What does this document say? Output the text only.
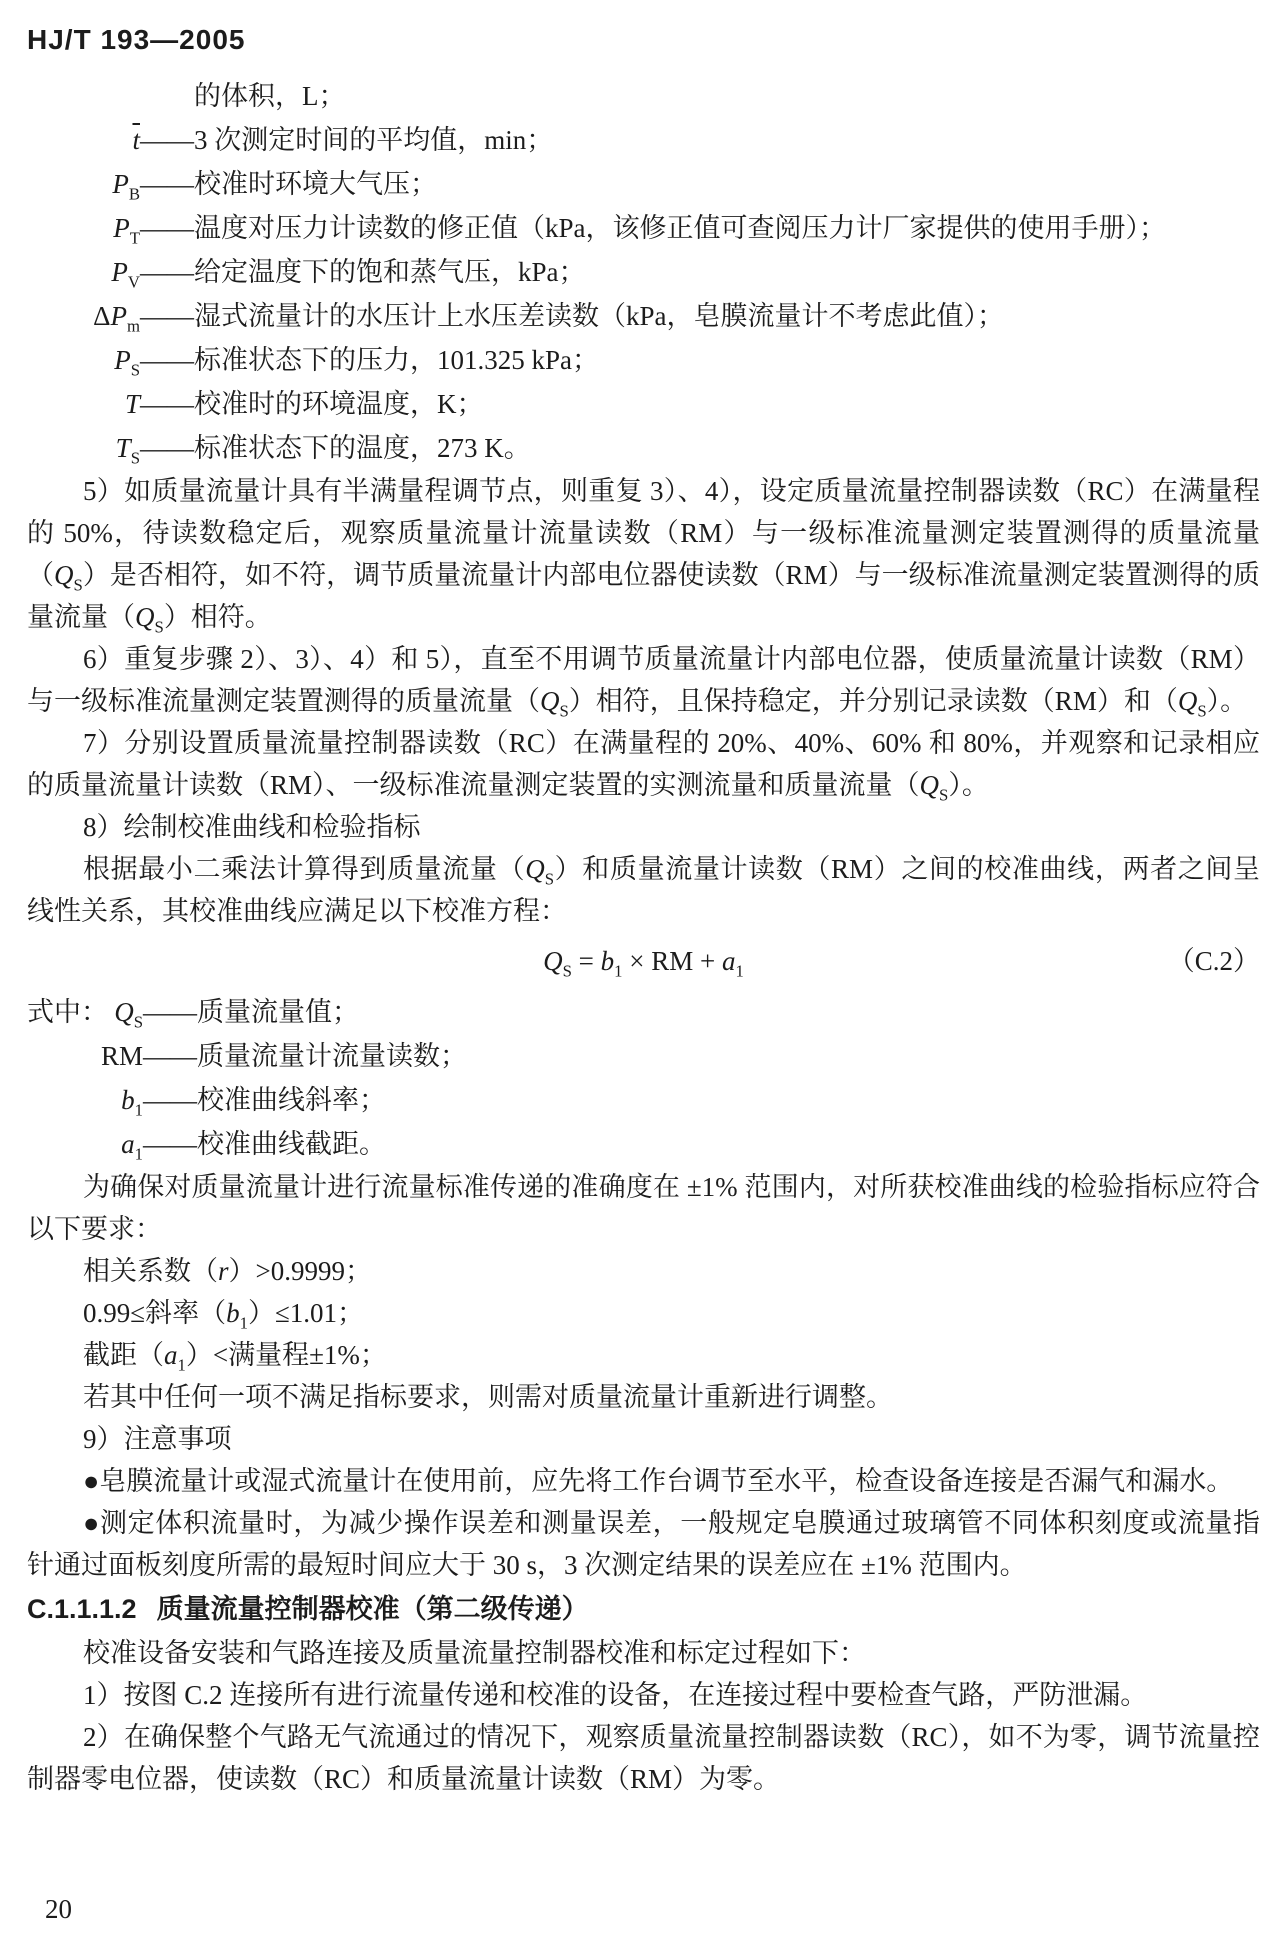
HJ/T 193—2005
的体积，L；
$\overline{t}$ ——3 次测定时间的平均值，min；
$P_B$ ——校准时环境大气压；
$P_T$ ——温度对压力计读数的修正值（kPa，该修正值可查阅压力计厂家提供的使用手册）；
$P_V$ ——给定温度下的饱和蒸气压，kPa；
$\Delta P_m$ ——湿式流量计的水压计上水压差读数（kPa，皂膜流量计不考虑此值）；
$P_S$ ——标准状态下的压力，101.325 kPa；
T ——校准时的环境温度，K；
$T_S$ ——标准状态下的温度，273 K。
5）如质量流量计具有半满量程调节点，则重复 3）、4），设定质量流量控制器读数（RC）在满量程的 50%，待读数稳定后，观察质量流量计流量读数（RM）与一级标准流量测定装置测得的质量流量$(Q_S)$是否相符，如不符，调节质量流量计内部电位器使读数（RM）与一级标准流量测定装置测得的质量流量$(Q_S)$相符。
6）重复步骤 2）、3）、4）和 5），直至不用调节质量流量计内部电位器，使质量流量计读数（RM）与一级标准流量测定装置测得的质量流量$(Q_S)$相符，且保持稳定，并分别记录读数（RM）和$(Q_S)$。
7）分别设置质量流量控制器读数（RC）在满量程的 20%、40%、60% 和 80%，并观察和记录相应的质量流量计读数（RM）、一级标准流量测定装置的实测流量和质量流量$(Q_S)$。
8）绘制校准曲线和检验指标
根据最小二乘法计算得到质量流量$(Q_S)$和质量流量计读数（RM）之间的校准曲线，两者之间呈线性关系，其校准曲线应满足以下校准方程：
$Q_S = b_1$ × RM + $a_1$	（C.2）
式中： $Q_S$ ——质量流量值；
RM ——质量流量计流量读数；
$b_1$ ——校准曲线斜率；
$a_1$ ——校准曲线截距。
为确保对质量流量计进行流量标准传递的准确度在 ±1% 范围内，对所获校准曲线的检验指标应符合以下要求：
相关系数（r）>0.9999；
0.99≤斜率$(b_1)\le 1.01$；
截距$(a_1)<$满量程±1%；
若其中任何一项不满足指标要求，则需对质量流量计重新进行调整。
9）注意事项
●皂膜流量计或湿式流量计在使用前，应先将工作台调节至水平，检查设备连接是否漏气和漏水。
●测定体积流量时，为减少操作误差和测量误差，一般规定皂膜通过玻璃管不同体积刻度或流量指针通过面板刻度所需的最短时间应大于 30 s，3 次测定结果的误差应在 ±1% 范围内。
C.1.1.1.2 质量流量控制器校准（第二级传递）
校准设备安装和气路连接及质量流量控制器校准和标定过程如下：
1）按图 C.2 连接所有进行流量传递和校准的设备，在连接过程中要检查气路，严防泄漏。
2）在确保整个气路无气流通过的情况下，观察质量流量控制器读数（RC），如不为零，调节流量控制器零电位器，使读数（RC）和质量流量计读数（RM）为零。
20
